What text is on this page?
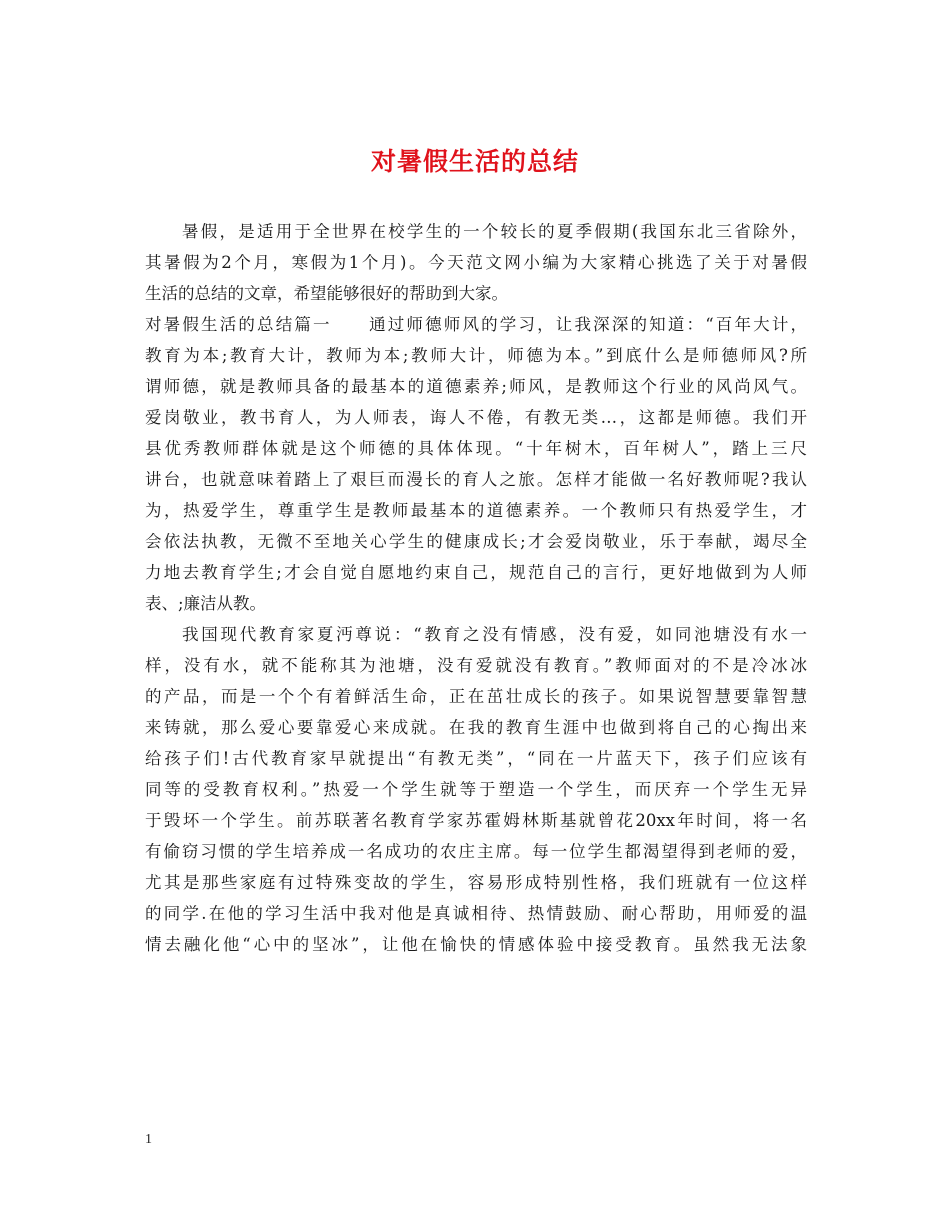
对暑假生活的总结
暑假，是适用于全世界在校学生的一个较长的夏季假期(我国东北三省除外，
其暑假为2个月，寒假为1个月)。今天范文网小编为大家精心挑选了关于对暑假
生活的总结的文章，希望能够很好的帮助到大家。
对暑假生活的总结篇一　　通过师德师风的学习，让我深深的知道：“百年大计，
教育为本;教育大计，教师为本;教师大计，师德为本。”到底什么是师德师风?所
谓师德，就是教师具备的最基本的道德素养;师风，是教师这个行业的风尚风气。
爱岗敬业，教书育人，为人师表，诲人不倦，有教无类…，这都是师德。我们开
县优秀教师群体就是这个师德的具体体现。“十年树木，百年树人”，踏上三尺
讲台，也就意味着踏上了艰巨而漫长的育人之旅。怎样才能做一名好教师呢?我认
为，热爱学生，尊重学生是教师最基本的道德素养。一个教师只有热爱学生，才
会依法执教，无微不至地关心学生的健康成长;才会爱岗敬业，乐于奉献，竭尽全
力地去教育学生;才会自觉自愿地约束自己，规范自己的言行，更好地做到为人师
表、;廉洁从教。
我国现代教育家夏沔尊说：“教育之没有情感，没有爱，如同池塘没有水一
样，没有水，就不能称其为池塘，没有爱就没有教育。”教师面对的不是冷冰冰
的产品，而是一个个有着鲜活生命，正在茁壮成长的孩子。如果说智慧要靠智慧
来铸就，那么爱心要靠爱心来成就。在我的教育生涯中也做到将自己的心掏出来
给孩子们!古代教育家早就提出“有教无类”，“同在一片蓝天下，孩子们应该有
同等的受教育权利。”热爱一个学生就等于塑造一个学生，而厌弃一个学生无异
于毁坏一个学生。前苏联著名教育学家苏霍姆林斯基就曾花20xx年时间，将一名
有偷窃习惯的学生培养成一名成功的农庄主席。每一位学生都渴望得到老师的爱，
尤其是那些家庭有过特殊变故的学生，容易形成特别性格，我们班就有一位这样
的同学.在他的学习生活中我对他是真诚相待、热情鼓励、耐心帮助，用师爱的温
情去融化他“心中的坚冰”，让他在愉快的情感体验中接受教育。虽然我无法象
1
